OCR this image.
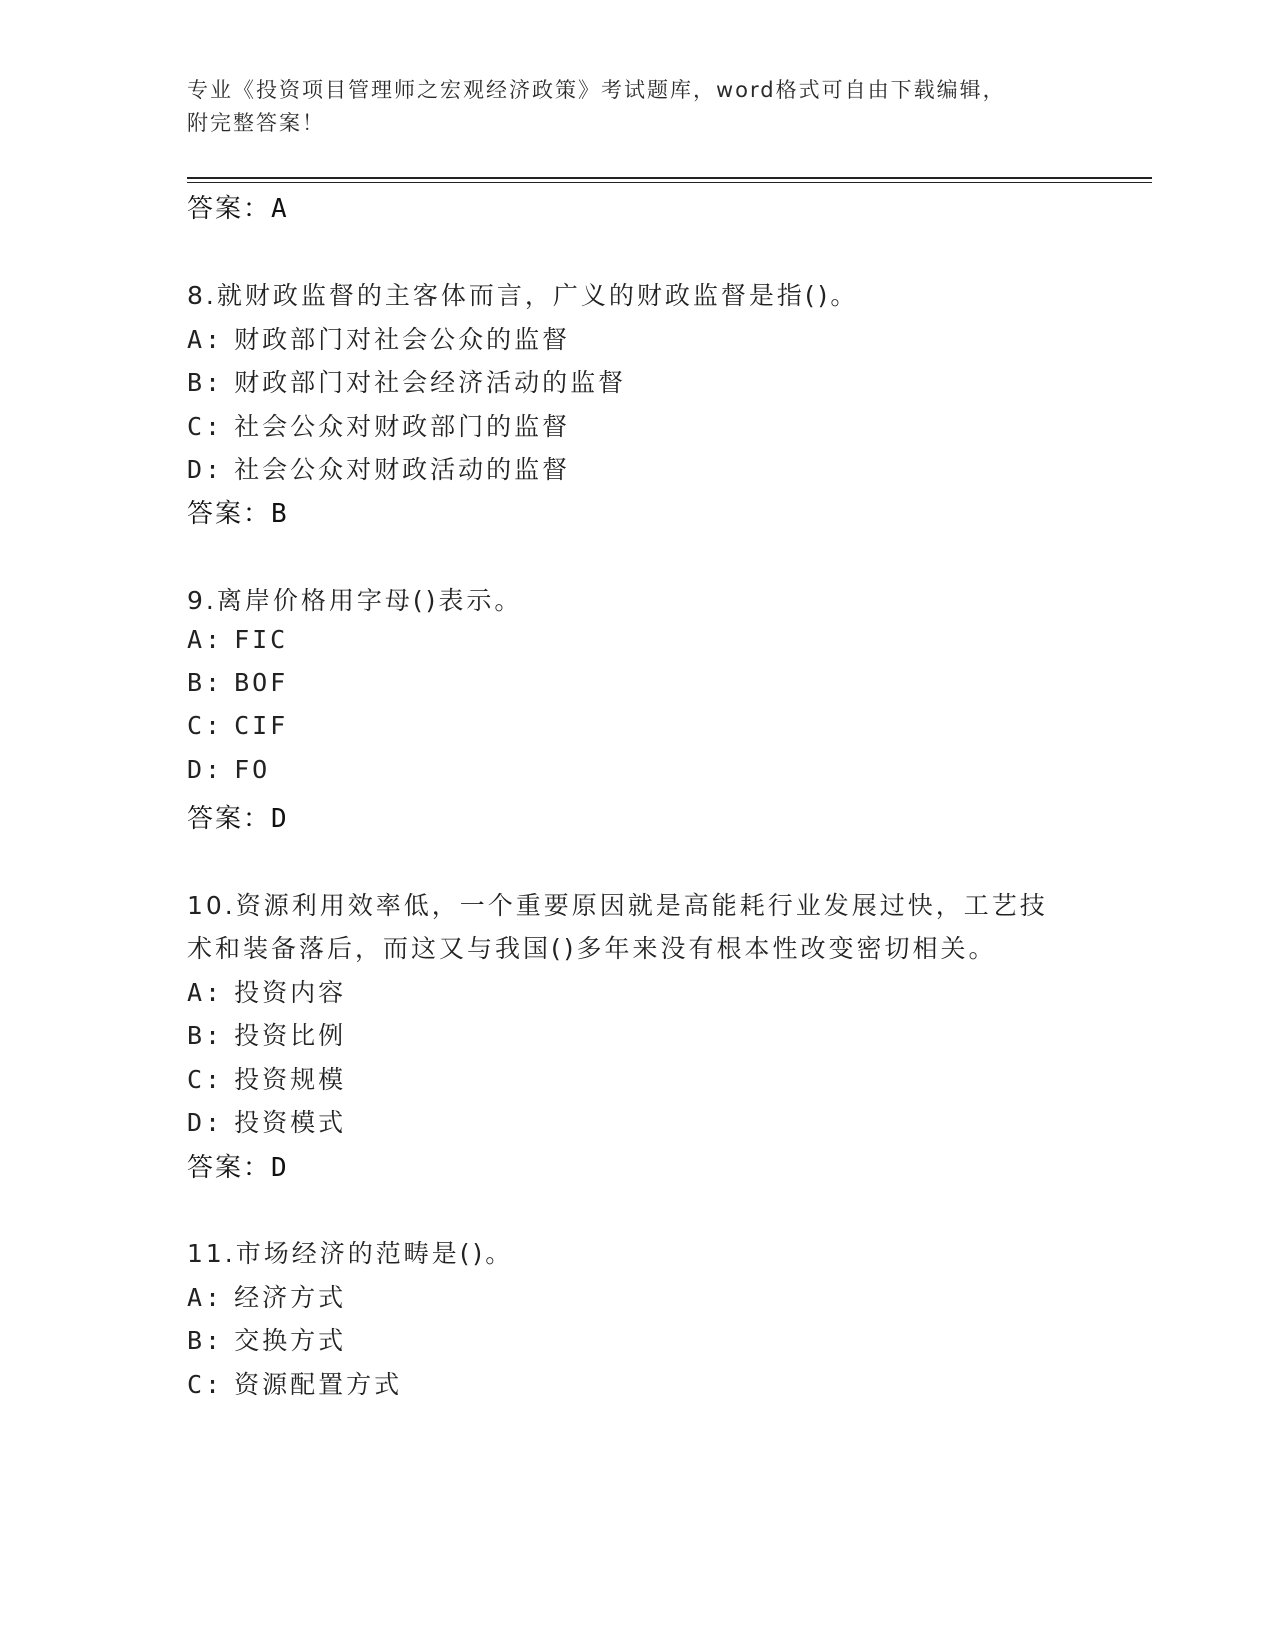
专业《投资项目管理师之宏观经济政策》考试题库，word格式可自由下载编辑，
附完整答案！
答案：A
8.就财政监督的主客体而言，广义的财政监督是指()。
A: 财政部门对社会公众的监督
B: 财政部门对社会经济活动的监督
C: 社会公众对财政部门的监督
D: 社会公众对财政活动的监督
答案：B
9.离岸价格用字母()表示。
A: FIC
B: BOF
C: CIF
D: FO
答案：D
10.资源利用效率低，一个重要原因就是高能耗行业发展过快，工艺技
术和装备落后，而这又与我国()多年来没有根本性改变密切相关。
A: 投资内容
B: 投资比例
C: 投资规模
D: 投资模式
答案：D
11.市场经济的范畴是()。
A: 经济方式
B: 交换方式
C: 资源配置方式
